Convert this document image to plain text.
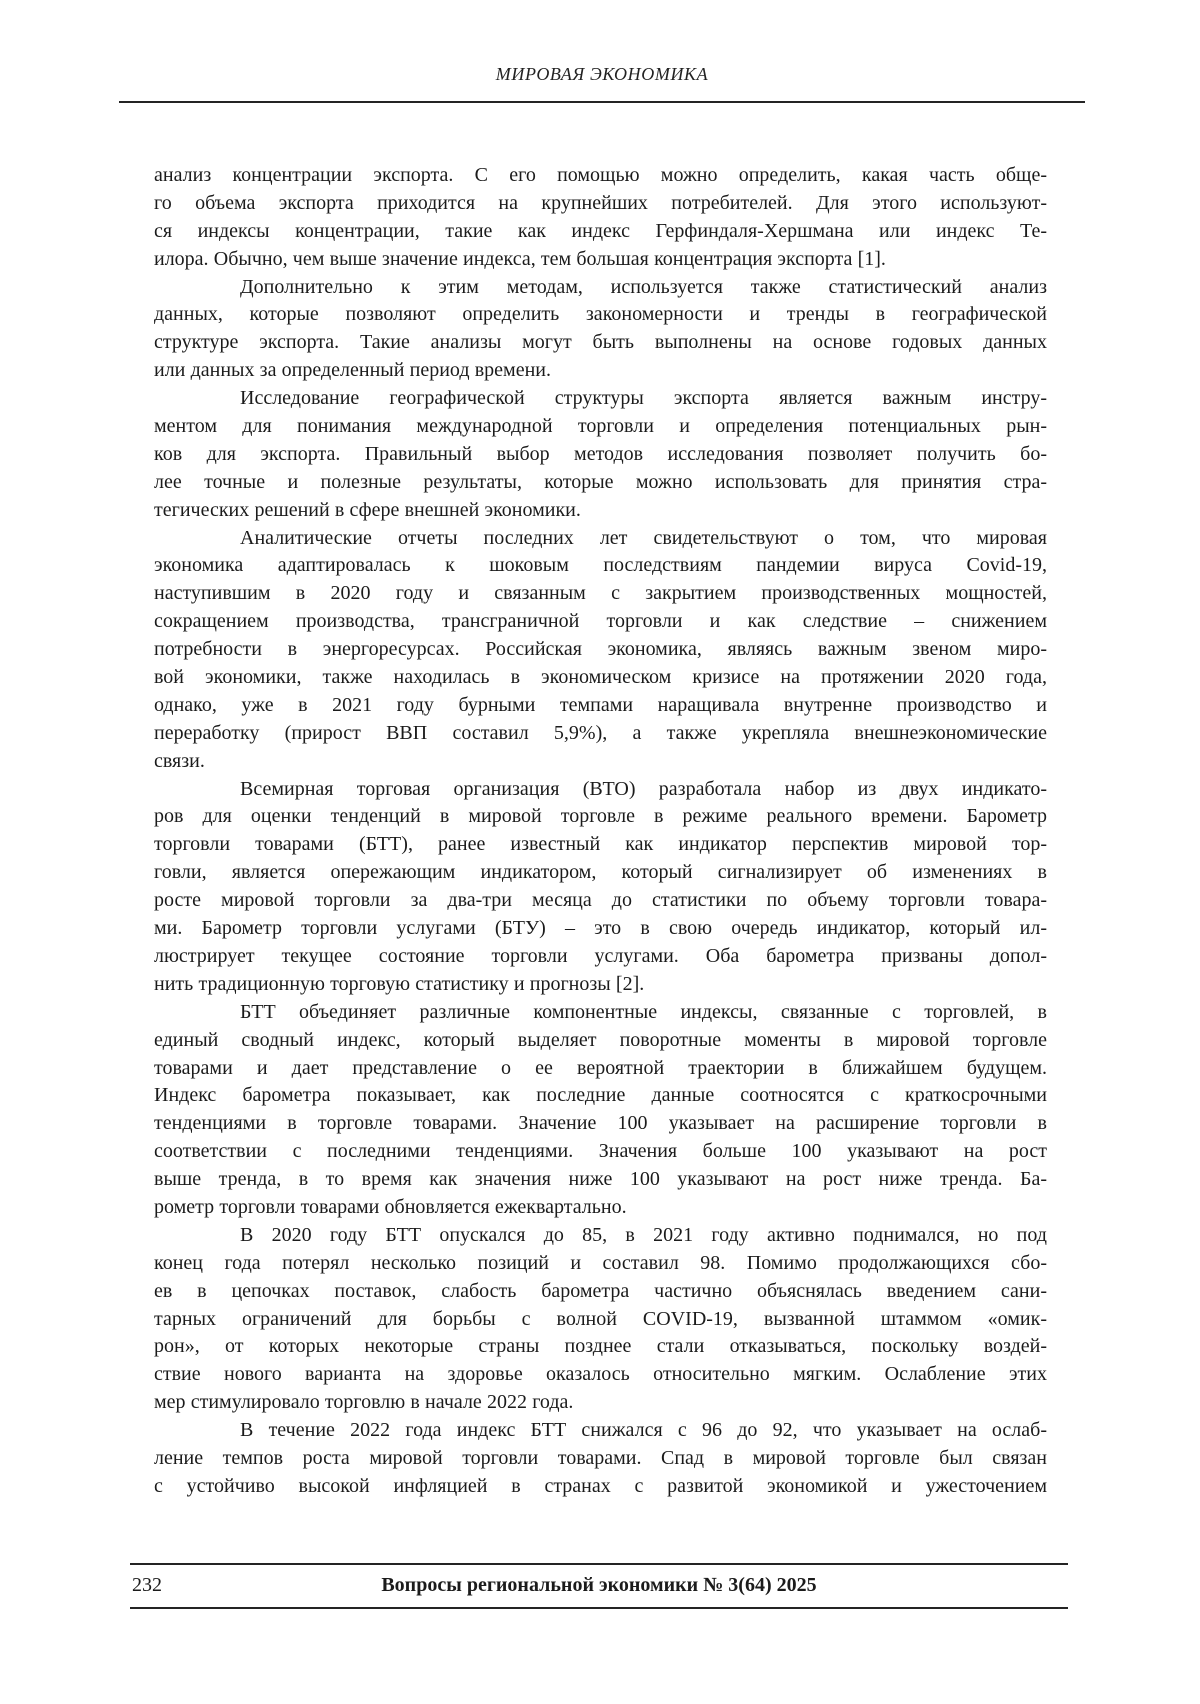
МИРОВАЯ ЭКОНОМИКА
анализ концентрации экспорта. С его помощью можно определить, какая часть обще-
го объема экспорта приходится на крупнейших потребителей. Для этого используют-
ся индексы концентрации, такие как индекс Герфиндаля-Хершмана или индекс Те-
илора. Обычно, чем выше значение индекса, тем большая концентрация экспорта [1].
Дополнительно к этим методам, используется также статистический анализ
данных, которые позволяют определить закономерности и тренды в географической
структуре экспорта. Такие анализы могут быть выполнены на основе годовых данных
или данных за определенный период времени.
Исследование географической структуры экспорта является важным инстру-
ментом для понимания международной торговли и определения потенциальных рын-
ков для экспорта. Правильный выбор методов исследования позволяет получить бо-
лее точные и полезные результаты, которые можно использовать для принятия стра-
тегических решений в сфере внешней экономики.
Аналитические отчеты последних лет свидетельствуют о том, что мировая
экономика адаптировалась к шоковым последствиям пандемии вируса Covid-19,
наступившим в 2020 году и связанным с закрытием производственных мощностей,
сокращением производства, трансграничной торговли и как следствие – снижением
потребности в энергоресурсах. Российская экономика, являясь важным звеном миро-
вой экономики, также находилась в экономическом кризисе на протяжении 2020 года,
однако, уже в 2021 году бурными темпами наращивала внутренне производство и
переработку (прирост ВВП составил 5,9%), а также укрепляла внешнеэкономические
связи.
Всемирная торговая организация (ВТО) разработала набор из двух индикато-
ров для оценки тенденций в мировой торговле в режиме реального времени. Барометр
торговли товарами (БТТ), ранее известный как индикатор перспектив мировой тор-
говли, является опережающим индикатором, который сигнализирует об изменениях в
росте мировой торговли за два-три месяца до статистики по объему торговли товара-
ми. Барометр торговли услугами (БТУ) – это в свою очередь индикатор, который ил-
люстрирует текущее состояние торговли услугами. Оба барометра призваны допол-
нить традиционную торговую статистику и прогнозы [2].
БТТ объединяет различные компонентные индексы, связанные с торговлей, в
единый сводный индекс, который выделяет поворотные моменты в мировой торговле
товарами и дает представление о ее вероятной траектории в ближайшем будущем.
Индекс барометра показывает, как последние данные соотносятся с краткосрочными
тенденциями в торговле товарами. Значение 100 указывает на расширение торговли в
соответствии с последними тенденциями. Значения больше 100 указывают на рост
выше тренда, в то время как значения ниже 100 указывают на рост ниже тренда. Ба-
рометр торговли товарами обновляется ежеквартально.
В 2020 году БТТ опускался до 85, в 2021 году активно поднимался, но под
конец года потерял несколько позиций и составил 98. Помимо продолжающихся сбо-
ев в цепочках поставок, слабость барометра частично объяснялась введением сани-
тарных ограничений для борьбы с волной COVID-19, вызванной штаммом «омик-
рон», от которых некоторые страны позднее стали отказываться, поскольку воздей-
ствие нового варианта на здоровье оказалось относительно мягким. Ослабление этих
мер стимулировало торговлю в начале 2022 года.
В течение 2022 года индекс БТТ снижался с 96 до 92, что указывает на ослаб-
ление темпов роста мировой торговли товарами. Спад в мировой торговле был связан
с устойчиво высокой инфляцией в странах с развитой экономикой и ужесточением
232	Вопросы региональной экономики № 3(64) 2025
